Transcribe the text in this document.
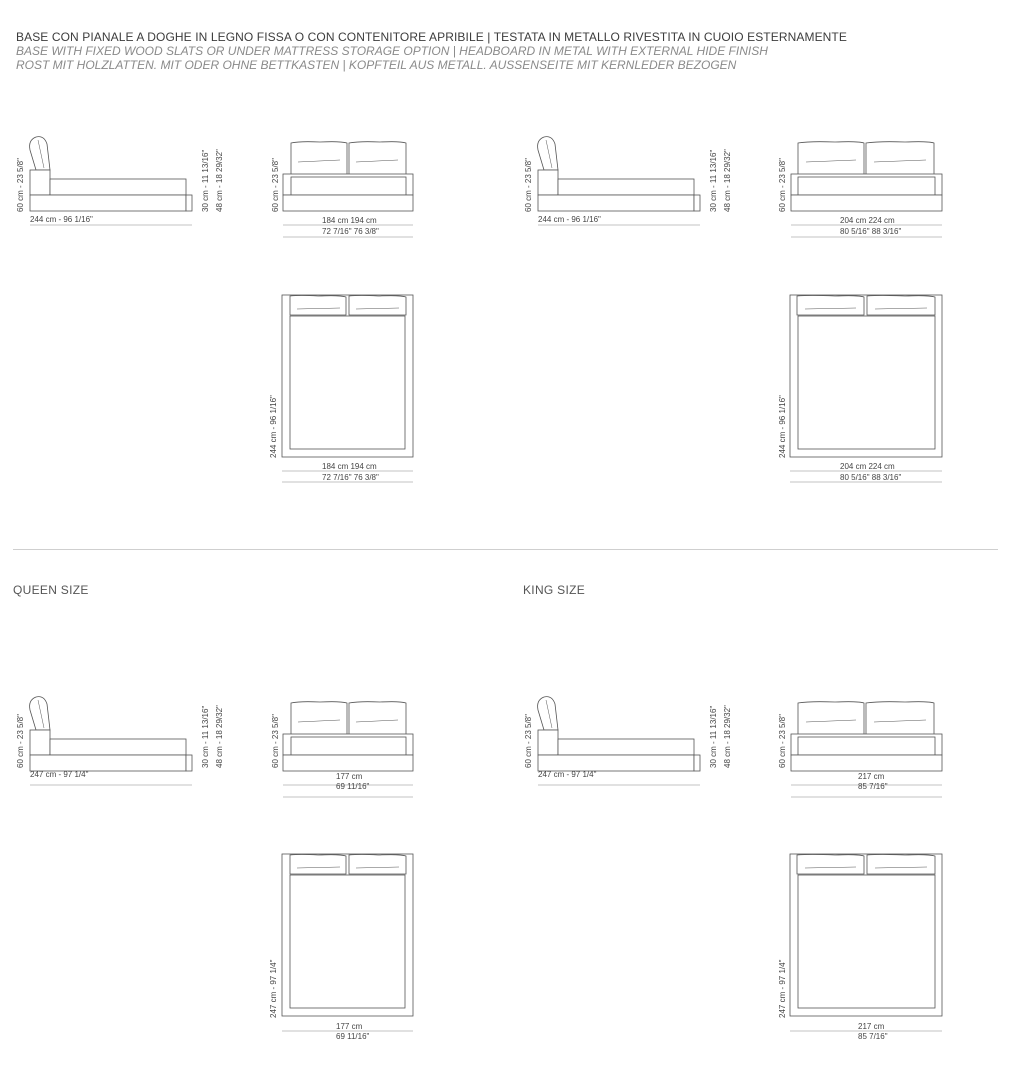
BASE CON PIANALE A DOGHE IN LEGNO FISSA O CON CONTENITORE APRIBILE | TESTATA IN METALLO RIVESTITA IN CUOIO ESTERNAMENTE
BASE WITH FIXED WOOD SLATS OR UNDER MATTRESS STORAGE OPTION | HEADBOARD IN METAL WITH EXTERNAL HIDE FINISH
ROST MIT HOLZLATTEN. MIT ODER OHNE BETTKASTEN | KOPFTEIL AUS METALL. AUSSENSEITE MIT KERNLEDER BEZOGEN
QUEEN SIZE	KING SIZE
244 cm - 96 1/16"
60 cm - 23 5/8"	30 cm - 11 13/16" 48 cm - 18 29/32"	60 cm - 23 5/8"
184 cm 194 cm
72 7/16" 76 3/8"
244 cm - 96 1/16"
184 cm 194 cm
72 7/16" 76 3/8"
244 cm - 96 1/16"
60 cm - 23 5/8"	30 cm - 11 13/16" 48 cm - 18 29/32"	60 cm - 23 5/8"
204 cm 224 cm
80 5/16" 88 3/16"
244 cm - 96 1/16"
204 cm 224 cm
80 5/16" 88 3/16"
247 cm - 97 1/4"
60 cm - 23 5/8"	30 cm - 11 13/16" 48 cm - 18 29/32"	60 cm - 23 5/8"
177 cm
69 11/16"
247 cm - 97 1/4"
177 cm
69 11/16"
247 cm - 97 1/4"
60 cm - 23 5/8"	30 cm - 11 13/16" 48 cm - 18 29/32"	60 cm - 23 5/8"
217 cm
85 7/16"
247 cm - 97 1/4"
217 cm
85 7/16"
